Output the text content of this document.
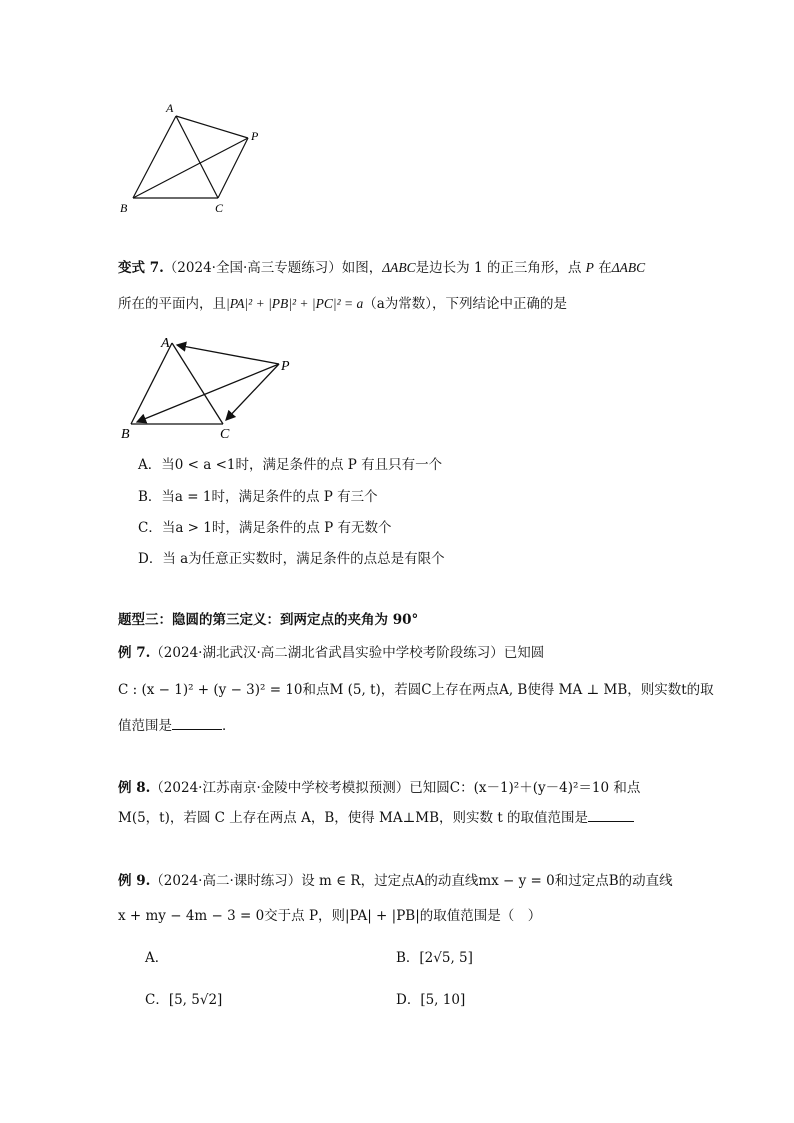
A
B	C
P
变式 7.（2024·全国·高三专题练习）如图，ΔABC是边长为 1 的正三角形，点 P 在ΔABC
所在的平面内，且|PA|² + |PB|² + |PC|² = a（a为常数），下列结论中正确的是
A
B	C
P
A．当0 < a <1时，满足条件的点 P 有且只有一个
B．当a = 1时，满足条件的点 P 有三个
C．当a > 1时，满足条件的点 P 有无数个
D．当 a为任意正实数时，满足条件的点总是有限个
题型三：隐圆的第三定义：到两定点的夹角为 90°
例 7.（2024·湖北武汉·高二湖北省武昌实验中学校考阶段练习）已知圆
C : (x − 1)² + (y − 3)² = 10和点M (5, t)，若圆C上存在两点A, B使得 MA ⊥ MB，则实数t的取
值范围是	．
例 8.（2024·江苏南京·金陵中学校考模拟预测）已知圆C：(x－1)²＋(y－4)²＝10 和点
M(5，t)，若圆 C 上存在两点 A，B，使得 MA⊥MB，则实数 t 的取值范围是
例 9.（2024·高二·课时练习）设 m ∈ R，过定点A的动直线mx − y = 0和过定点B的动直线
x + my − 4m − 3 = 0交于点 P，则|PA| + |PB|的取值范围是（　）
A．	B．[2√5, 5]
C．[5, 5√2]	D．[5, 10]
